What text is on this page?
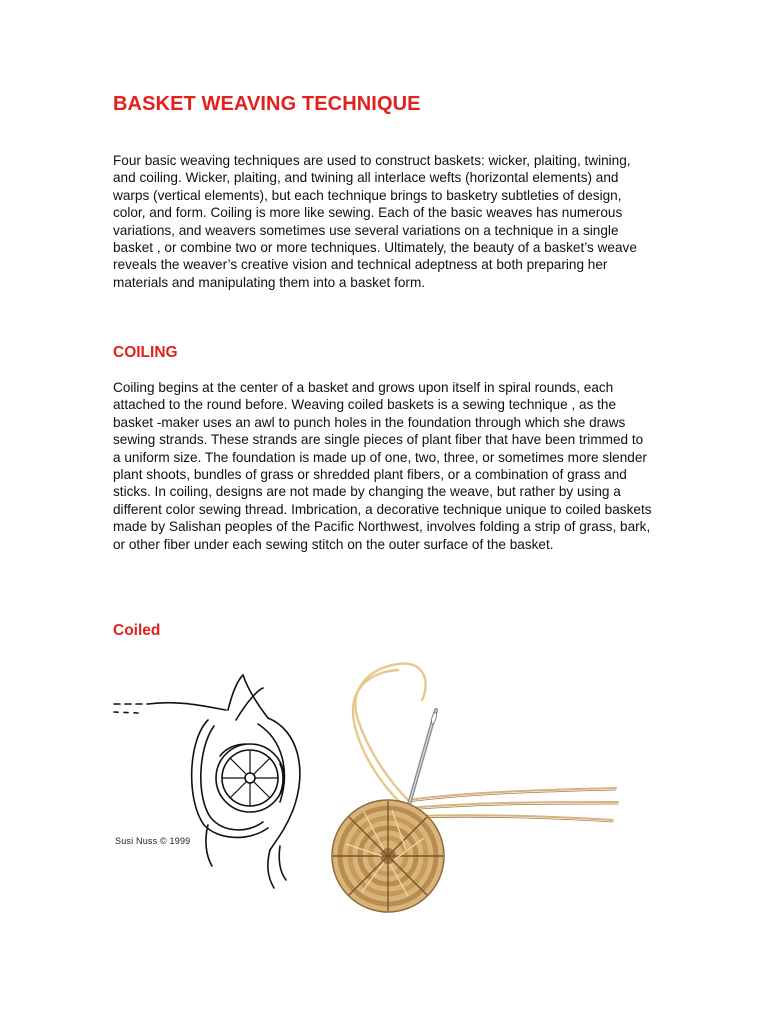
BASKET WEAVING TECHNIQUE

Four basic weaving techniques are used to construct baskets: wicker, plaiting, twining, and coiling. Wicker, plaiting, and twining all interlace wefts (horizontal elements) and warps (vertical elements), but each technique brings to basketry subtleties of design, color, and form. Coiling is more like sewing. Each of the basic weaves has numerous variations, and weavers sometimes use several variations on a technique in a single basket , or combine two or more techniques. Ultimately, the beauty of a basket’s weave reveals the weaver’s creative vision and technical adeptness at both preparing her materials and manipulating them into a basket form.

COILING

Coiling begins at the center of a basket and grows upon itself in spiral rounds, each attached to the round before. Weaving coiled baskets is a sewing technique , as the basket -maker uses an awl to punch holes in the foundation through which she draws sewing strands. These strands are single pieces of plant fiber that have been trimmed to a uniform size. The foundation is made up of one, two, three, or sometimes more slender plant shoots, bundles of grass or shredded plant fibers, or a combination of grass and sticks. In coiling, designs are not made by changing the weave, but rather by using a different color sewing thread. Imbrication, a decorative technique unique to coiled baskets made by Salishan peoples of the Pacific Northwest, involves folding a strip of grass, bark, or other fiber under each sewing stitch on the outer surface of the basket.

Coiled
Susi Nuss © 1999
